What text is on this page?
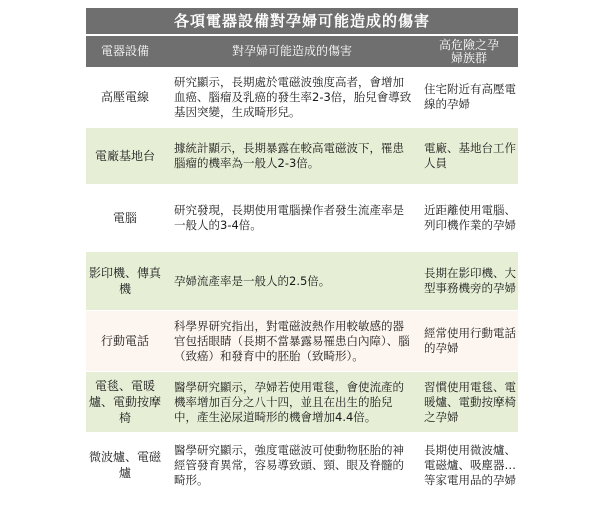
各項電器設備對孕婦可能造成的傷害
電器設備	對孕婦可能造成的傷害	高危險之孕婦族群
高壓電線
研究顯示，長期處於電磁波強度高者，會增加血癌、腦瘤及乳癌的發生率2-3倍，胎兒會導致基因突變，生成畸形兒。
住宅附近有高壓電線的孕婦
電廠基地台
據統計顯示，長期暴露在較高電磁波下，罹患腦瘤的機率為一般人2-3倍。
電廠、基地台工作人員
電腦
研究發現，長期使用電腦操作者發生流產率是一般人的3-4倍。
近距離使用電腦、列印機作業的孕婦
影印機、傳真機
孕婦流產率是一般人的2.5倍。
長期在影印機、大型事務機旁的孕婦
行動電話
科學界研究指出，對電磁波熱作用較敏感的器官包括眼睛（長期不當暴露易罹患白內障）、腦（致癌）和發育中的胚胎（致畸形）。
經常使用行動電話的孕婦
電毯、電暖爐、電動按摩椅
醫學研究顯示，孕婦若使用電毯，會使流產的機率增加百分之八十四，並且在出生的胎兒中，產生泌尿道畸形的機會增加4.4倍。
習慣使用電毯、電暖爐、電動按摩椅之孕婦
微波爐、電磁爐
醫學研究顯示，強度電磁波可使動物胚胎的神經管發育異常，容易導致頭、頸、眼及脊髓的畸形。
長期使用微波爐、電磁爐、吸塵器…等家電用品的孕婦
